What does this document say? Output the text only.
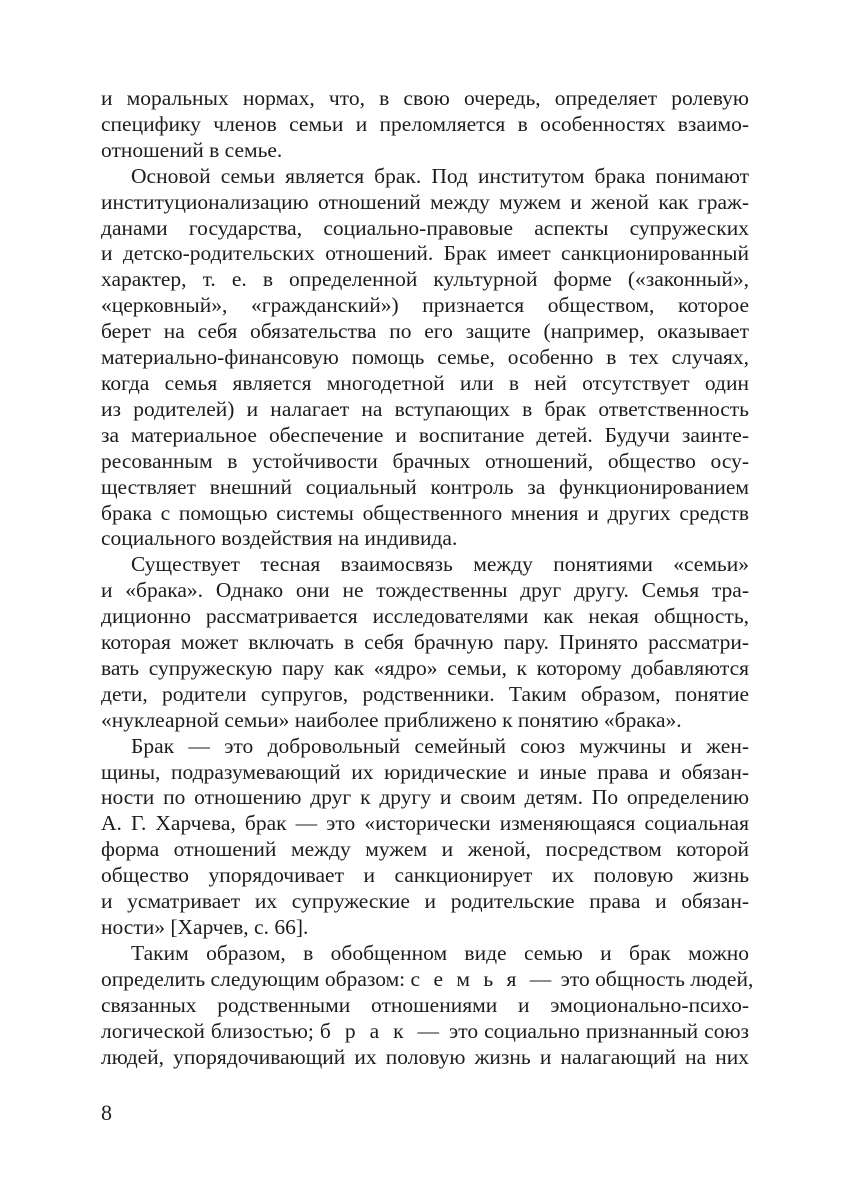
и моральных нормах, что, в свою очередь, определяет ролевую
специфику членов семьи и преломляется в особенностях взаимо-
отношений в семье.
Основой семьи является брак. Под институтом брака понимают
институционализацию отношений между мужем и женой как граж-
данами государства, социально-правовые аспекты супружеских
и детско-родительских отношений. Брак имеет санкционированный
характер, т. е. в определенной культурной форме («законный»,
«церковный», «гражданский») признается обществом, которое
берет на себя обязательства по его защите (например, оказывает
материально-финансовую помощь семье, особенно в тех случаях,
когда семья является многодетной или в ней отсутствует один
из родителей) и налагает на вступающих в брак ответственность
за материальное обеспечение и воспитание детей. Будучи заинте-
ресованным в устойчивости брачных отношений, общество осу-
ществляет внешний социальный контроль за функционированием
брака с помощью системы общественного мнения и других средств
социального воздействия на индивида.
Существует тесная взаимосвязь между понятиями «семьи»
и «брака». Однако они не тождественны друг другу. Семья тра-
диционно рассматривается исследователями как некая общность,
которая может включать в себя брачную пару. Принято рассматри-
вать супружескую пару как «ядро» семьи, к которому добавляются
дети, родители супругов, родственники. Таким образом, понятие
«нуклеарной семьи» наиболее приближено к понятию «брака».
Брак — это добровольный семейный союз мужчины и жен-
щины, подразумевающий их юридические и иные права и обязан-
ности по отношению друг к другу и своим детям. По определению
А. Г. Харчева, брак — это «исторически изменяющаяся социальная
форма отношений между мужем и женой, посредством которой
общество упорядочивает и санкционирует их половую жизнь
и усматривает их супружеские и родительские права и обязан-
ности» [Харчев, с. 66].
Таким образом, в обобщенном виде семью и брак можно
определить следующим образом: с е м ь я — это общность людей,
связанных родственными отношениями и эмоционально-психо-
логической близостью; б р а к — это социально признанный союз
людей, упорядочивающий их половую жизнь и налагающий на них
8
